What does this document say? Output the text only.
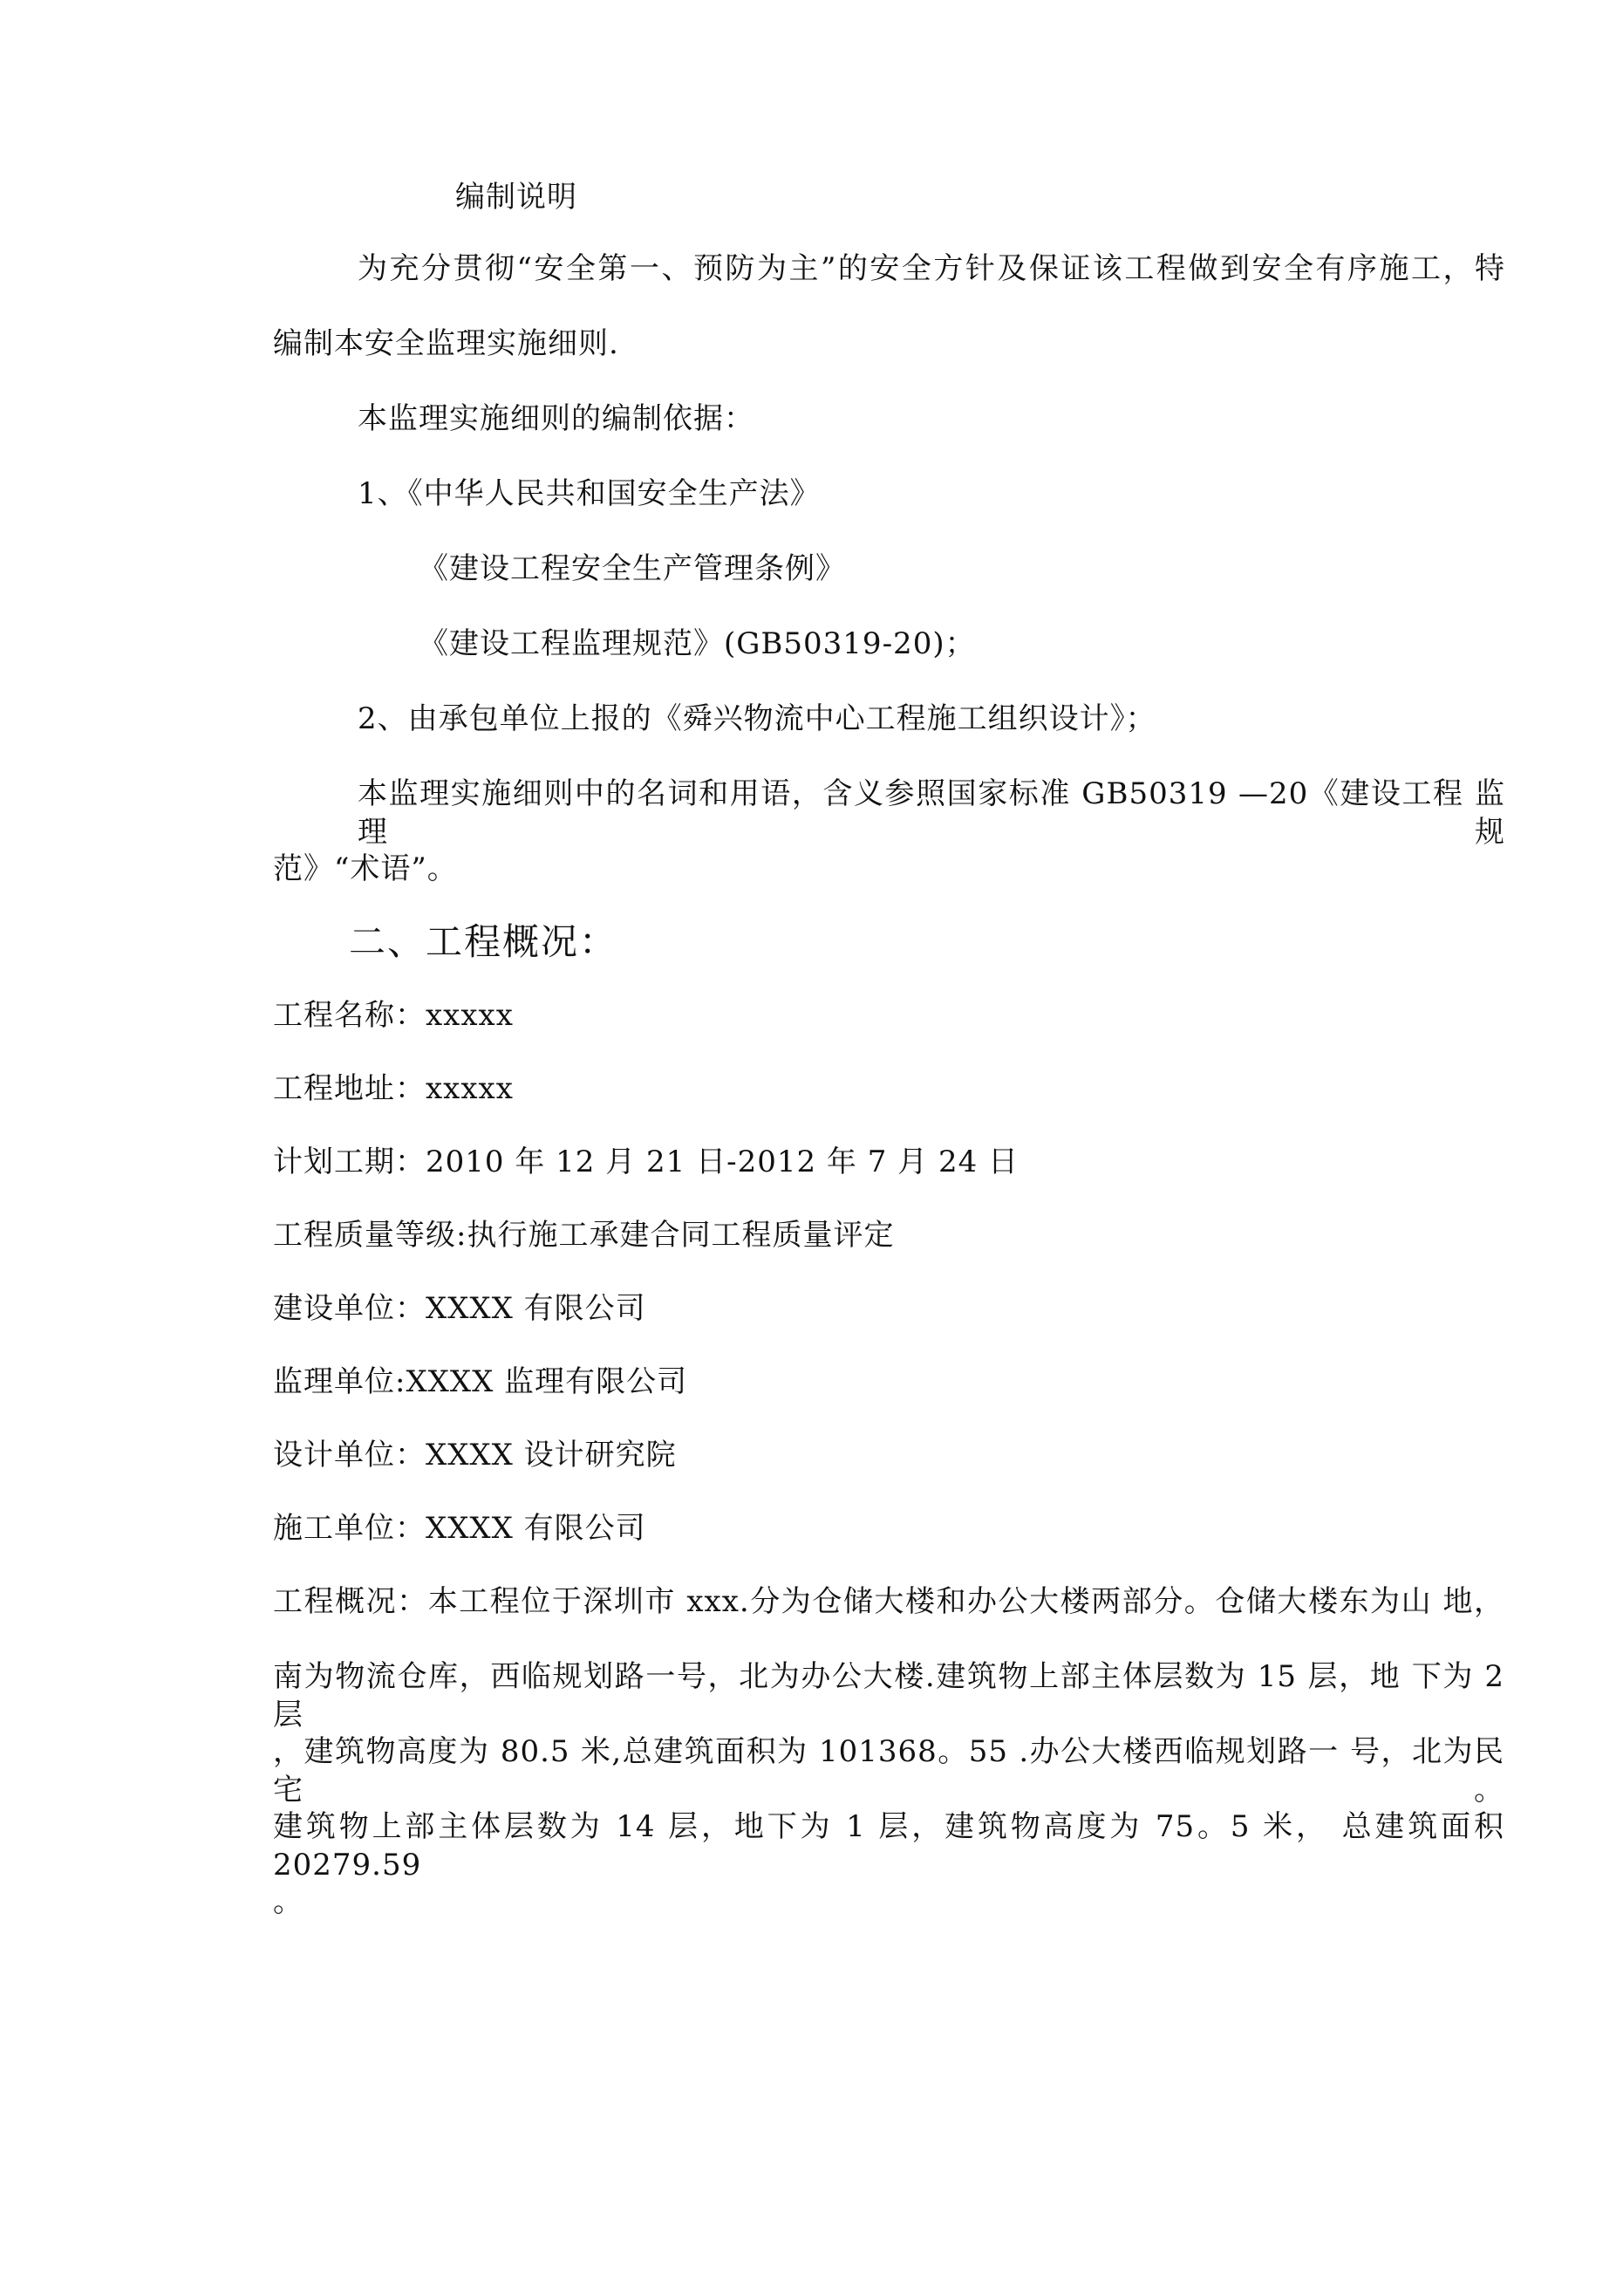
编制说明
为充分贯彻“安全第一、预防为主”的安全方针及保证该工程做到安全有序施工，特
编制本安全监理实施细则.
本监理实施细则的编制依据：
1、《中华人民共和国安全生产法》
《建设工程安全生产管理条例》
《建设工程监理规范》(GB50319-20)；
2、由承包单位上报的《舜兴物流中心工程施工组织设计》；
本监理实施细则中的名词和用语，含义参照国家标准 GB50319 —20《建设工程 监理规
范》“术语”。
二、工程概况：
工程名称：xxxxx
工程地址：xxxxx
计划工期：2010 年 12 月 21 日-2012 年 7 月 24 日
工程质量等级:执行施工承建合同工程质量评定
建设单位：XXXX 有限公司
监理单位:XXXX 监理有限公司
设计单位：XXXX 设计研究院
施工单位：XXXX 有限公司
工程概况：本工程位于深圳市 xxx.分为仓储大楼和办公大楼两部分。仓储大楼东为山 地，
南为物流仓库，西临规划路一号，北为办公大楼.建筑物上部主体层数为 15 层，地 下为 2 层
，建筑物高度为 80.5 米,总建筑面积为 101368。55 .办公大楼西临规划路一 号，北为民宅。
建筑物上部主体层数为 14 层，地下为 1 层，建筑物高度为 75。5 米， 总建筑面积 20279.59
。
